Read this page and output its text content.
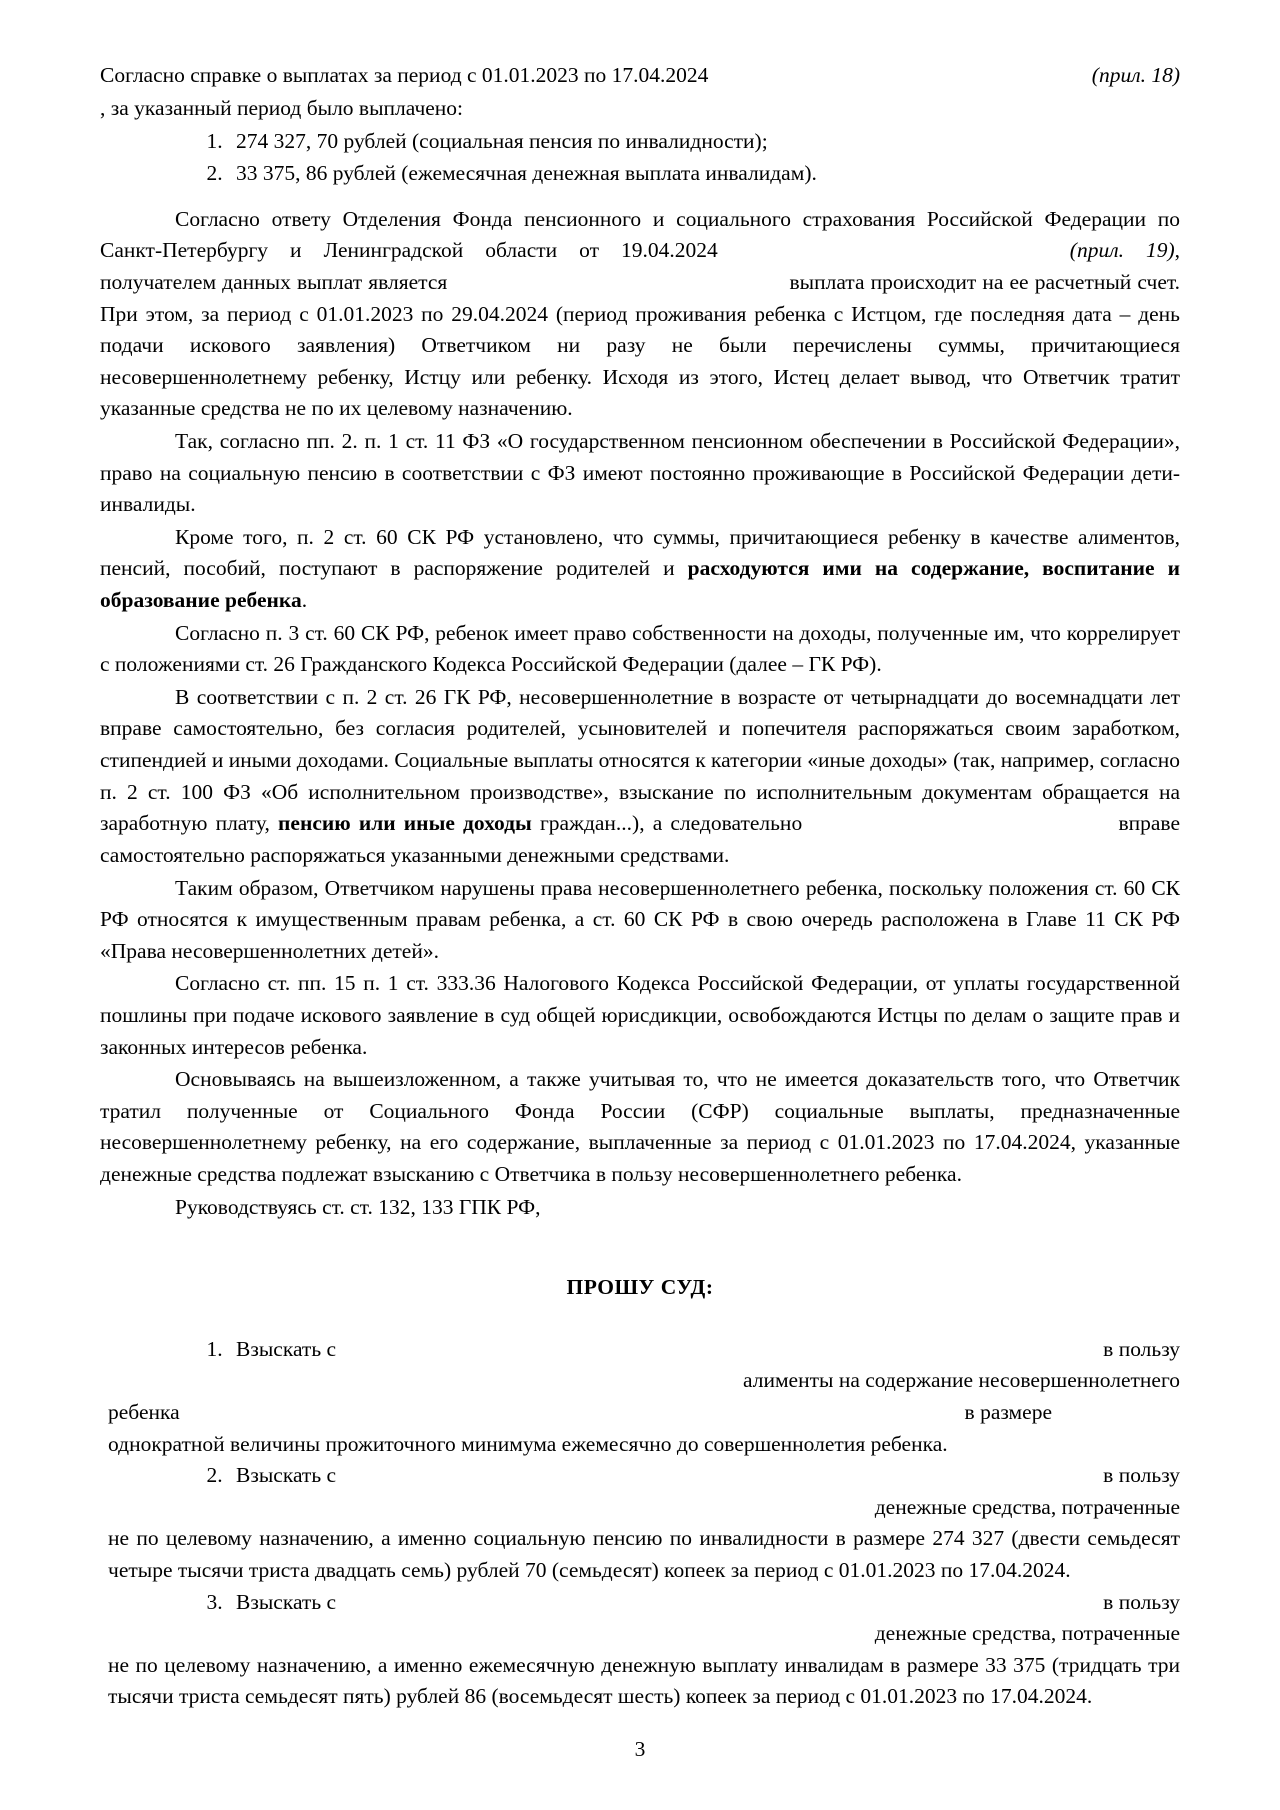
Согласно справке о выплатах за период с 01.01.2023 по 17.04.2024	(прил. 18)

, за указанный период было выплачено:

1. 274 327, 70 рублей (социальная пенсия по инвалидности);
2. 33 375, 86 рублей (ежемесячная денежная выплата инвалидам).

Согласно ответу Отделения Фонда пенсионного и социального страхования Российской Федерации по Санкт-Петербургу и Ленинградской области от 19.04.2024	(прил. 19), получателем данных выплат является	выплата происходит на ее расчетный счет. При этом, за период с 01.01.2023 по 29.04.2024 (период проживания ребенка с Истцом, где последняя дата – день подачи искового заявления) Ответчиком ни разу не были перечислены суммы, причитающиеся несовершеннолетнему ребенку, Истцу или ребенку. Исходя из этого, Истец делает вывод, что Ответчик тратит указанные средства не по их целевому назначению.

Так, согласно пп. 2. п. 1 ст. 11 ФЗ «О государственном пенсионном обеспечении в Российской Федерации», право на социальную пенсию в соответствии с ФЗ имеют постоянно проживающие в Российской Федерации дети-инвалиды.

Кроме того, п. 2 ст. 60 СК РФ установлено, что суммы, причитающиеся ребенку в качестве алиментов, пенсий, пособий, поступают в распоряжение родителей и расходуются ими на содержание, воспитание и образование ребенка.

Согласно п. 3 ст. 60 СК РФ, ребенок имеет право собственности на доходы, полученные им, что коррелирует с положениями ст. 26 Гражданского Кодекса Российской Федерации (далее – ГК РФ).

В соответствии с п. 2 ст. 26 ГК РФ, несовершеннолетние в возрасте от четырнадцати до восемнадцати лет вправе самостоятельно, без согласия родителей, усыновителей и попечителя распоряжаться своим заработком, стипендией и иными доходами. Социальные выплаты относятся к категории «иные доходы» (так, например, согласно п. 2 ст. 100 ФЗ «Об исполнительном производстве», взыскание по исполнительным документам обращается на заработную плату, пенсию или иные доходы граждан...), а следовательно	вправе самостоятельно распоряжаться указанными денежными средствами.

Таким образом, Ответчиком нарушены права несовершеннолетнего ребенка, поскольку положения ст. 60 СК РФ относятся к имущественным правам ребенка, а ст. 60 СК РФ в свою очередь расположена в Главе 11 СК РФ «Права несовершеннолетних детей».

Согласно ст. пп. 15 п. 1 ст. 333.36 Налогового Кодекса Российской Федерации, от уплаты государственной пошлины при подаче искового заявление в суд общей юрисдикции, освобождаются Истцы по делам о защите прав и законных интересов ребенка.

Основываясь на вышеизложенном, а также учитывая то, что не имеется доказательств того, что Ответчик тратил полученные от Социального Фонда России (СФР) социальные выплаты, предназначенные несовершеннолетнему ребенку, на его содержание, выплаченные за период с 01.01.2023 по 17.04.2024, указанные денежные средства подлежат взысканию с Ответчика в пользу несовершеннолетнего ребенка.

Руководствуясь ст. ст. 132, 133 ГПК РФ,

ПРОШУ СУД:

1. Взыскать с	в пользу
алименты на содержание несовершеннолетнего
ребенка	в размере
однократной величины прожиточного минимума ежемесячно до совершеннолетия ребенка.
2. Взыскать с	в пользу
денежные средства, потраченные
не по целевому назначению, а именно социальную пенсию по инвалидности в размере 274 327 (двести семьдесят четыре тысячи триста двадцать семь) рублей 70 (семьдесят) копеек за период с 01.01.2023 по 17.04.2024.
3. Взыскать с	в пользу
денежные средства, потраченные
не по целевому назначению, а именно ежемесячную денежную выплату инвалидам в размере 33 375 (тридцать три тысячи триста семьдесят пять) рублей 86 (восемьдесят шесть) копеек за период с 01.01.2023 по 17.04.2024.
3
